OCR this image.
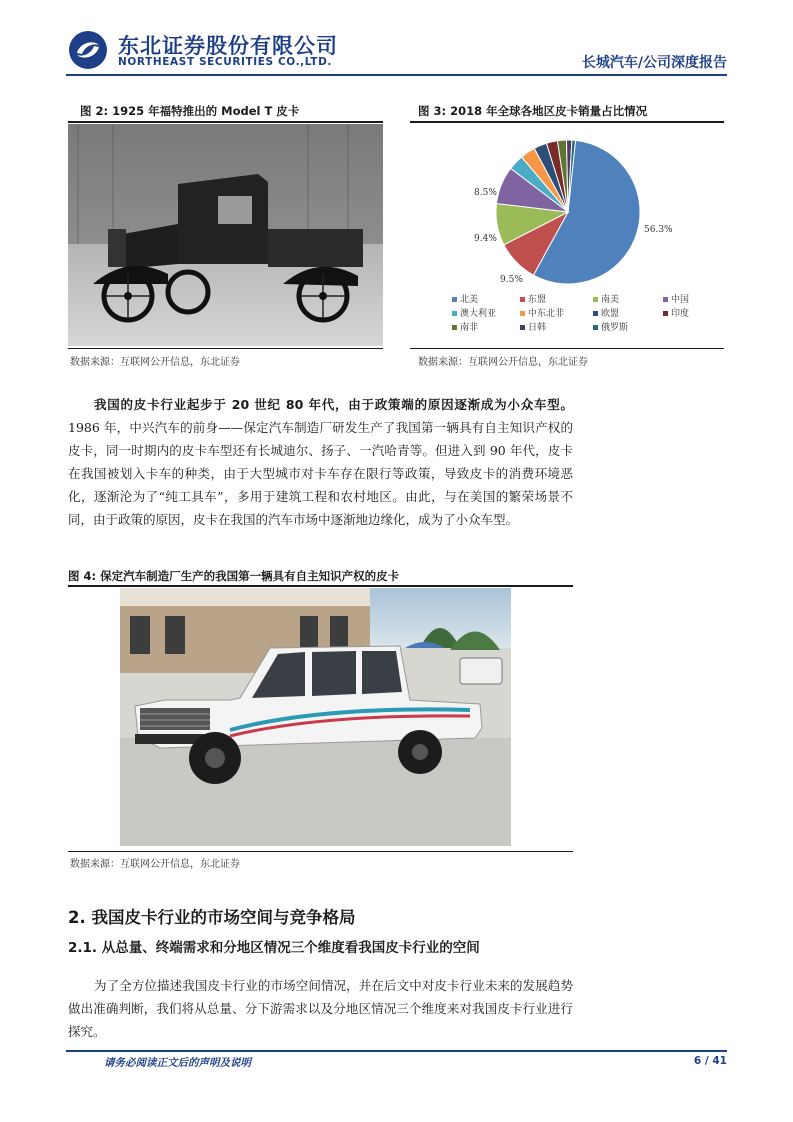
东北证券股份有限公司
NORTHEAST SECURITIES CO.,LTD.	长城汽车/公司深度报告
图 2: 1925 年福特推出的 Model T 皮卡
数据来源：互联网公开信息，东北证券
图 3: 2018 年全球各地区皮卡销量占比情况
56.3%
9.5%
9.4%
8.5%
北美	东盟	南美	中国
澳大利亚	中东北非	欧盟	印度
南非	日韩	俄罗斯
数据来源：互联网公开信息，东北证券
我国的皮卡行业起步于 20 世纪 80 年代，由于政策端的原因逐渐成为小众车型。1986 年，中兴汽车的前身——保定汽车制造厂研发生产了我国第一辆具有自主知识产权的皮卡，同一时期内的皮卡车型还有长城迪尔、扬子、一汽哈青等。但进入到 90 年代，皮卡在我国被划入卡车的种类，由于大型城市对卡车存在限行等政策，导致皮卡的消费环境恶化，逐渐沦为了“纯工具车”，多用于建筑工程和农村地区。由此，与在美国的繁荣场景不同，由于政策的原因，皮卡在我国的汽车市场中逐渐地边缘化，成为了小众车型。
图 4: 保定汽车制造厂生产的我国第一辆具有自主知识产权的皮卡
数据来源：互联网公开信息，东北证券
2. 我国皮卡行业的市场空间与竞争格局
2.1. 从总量、终端需求和分地区情况三个维度看我国皮卡行业的空间
为了全方位描述我国皮卡行业的市场空间情况，并在后文中对皮卡行业未来的发展趋势做出准确判断，我们将从总量、分下游需求以及分地区情况三个维度来对我国皮卡行业进行探究。
请务必阅读正文后的声明及说明	6 / 41
